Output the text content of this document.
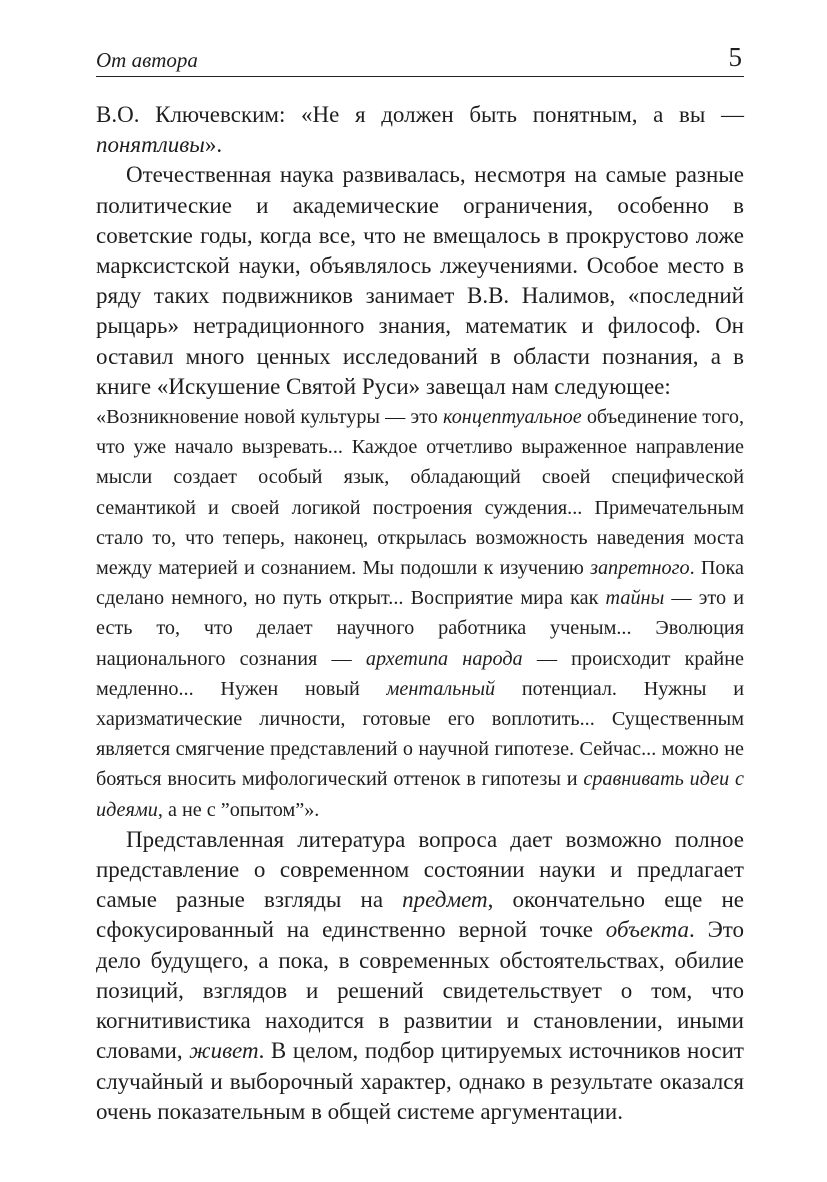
От автора	5

В.О. Ключевским: «Не я должен быть понятным, а вы — понятливы».

Отечественная наука развивалась, несмотря на самые разные политические и академические ограничения, особенно в советские годы, когда все, что не вмещалось в прокрустово ложе марксистской науки, объявлялось лжеучениями. Особое место в ряду таких подвижников занимает В.В. Налимов, «последний рыцарь» нетрадиционного знания, математик и философ. Он оставил много ценных исследований в области познания, а в книге «Искушение Святой Руси» завещал нам следующее:

«Возникновение новой культуры — это концептуальное объединение того, что уже начало вызревать... Каждое отчетливо выраженное направление мысли создает особый язык, обладающий своей специфической семантикой и своей логикой построения суждения... Примечательным стало то, что теперь, наконец, открылась возможность наведения моста между материей и сознанием. Мы подошли к изучению запретного. Пока сделано немного, но путь открыт... Восприятие мира как тайны — это и есть то, что делает научного работника ученым... Эволюция национального сознания — архетипа народа — происходит крайне медленно... Нужен новый ментальный потенциал. Нужны и харизматические личности, готовые его воплотить... Существенным является смягчение представлений о научной гипотезе. Сейчас... можно не бояться вносить мифологический оттенок в гипотезы и сравнивать идеи с идеями, а не с ”опытом”».

Представленная литература вопроса дает возможно полное представление о современном состоянии науки и предлагает самые разные взгляды на предмет, окончательно еще не сфокусированный на единственно верной точке объекта. Это дело будущего, а пока, в современных обстоятельствах, обилие позиций, взглядов и решений свидетельствует о том, что когнитивистика находится в развитии и становлении, иными словами, живет. В целом, подбор цитируемых источников носит случайный и выборочный характер, однако в результате оказался очень показательным в общей системе аргументации.
